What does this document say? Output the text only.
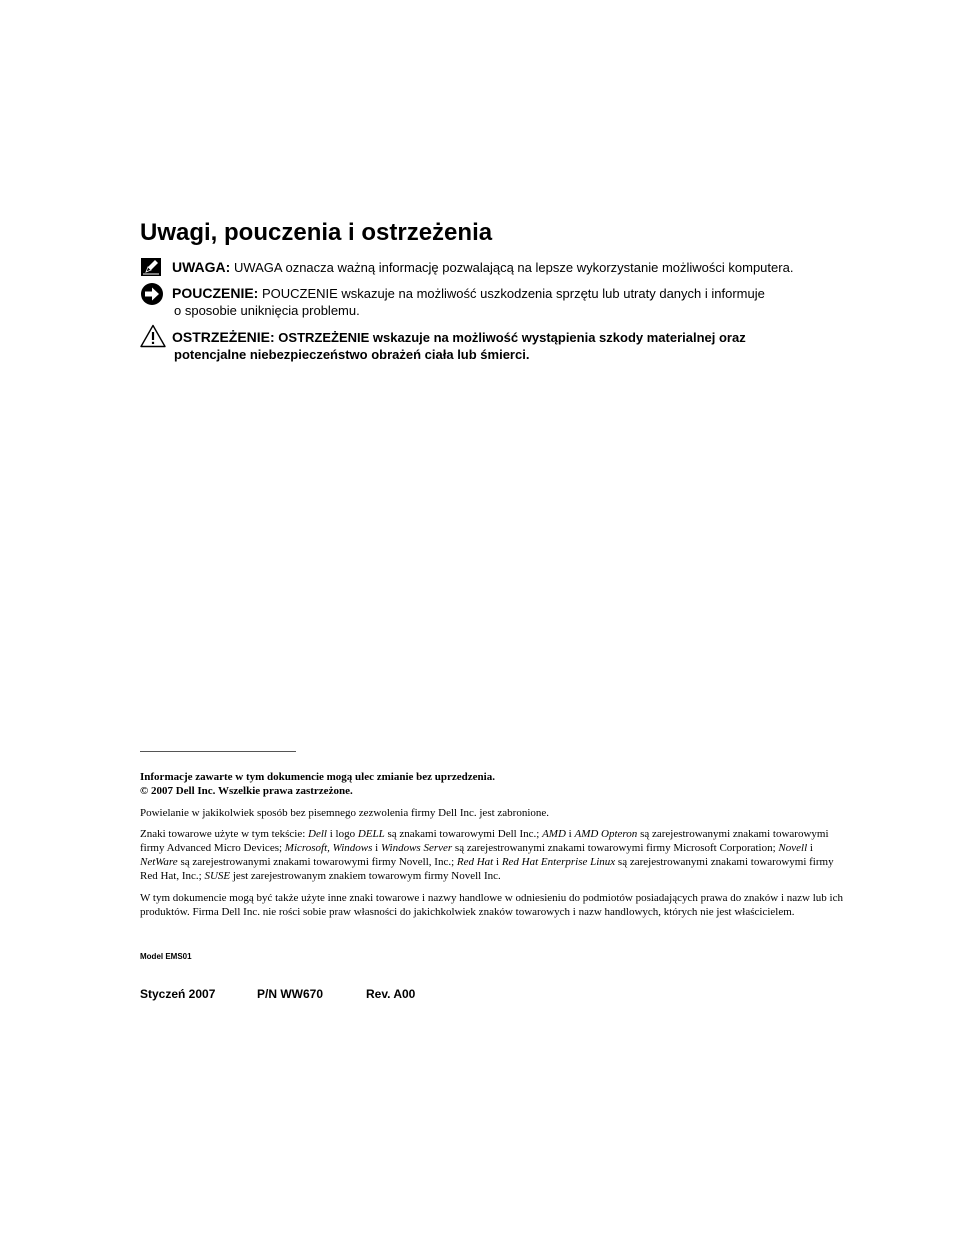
Uwagi, pouczenia i ostrzeżenia
UWAGA: UWAGA oznacza ważną informację pozwalającą na lepsze wykorzystanie możliwości komputera.
POUCZENIE: POUCZENIE wskazuje na możliwość uszkodzenia sprzętu lub utraty danych i informuje
o sposobie uniknięcia problemu.
OSTRZEŻENIE: OSTRZEŻENIE wskazuje na możliwość wystąpienia szkody materialnej oraz
potencjalne niebezpieczeństwo obrażeń ciała lub śmierci.

Informacje zawarte w tym dokumencie mogą ulec zmianie bez uprzedzenia.
© 2007 Dell Inc. Wszelkie prawa zastrzeżone.

Powielanie w jakikolwiek sposób bez pisemnego zezwolenia firmy Dell Inc. jest zabronione.

Znaki towarowe użyte w tym tekście: Dell i logo DELL są znakami towarowymi Dell Inc.; AMD i AMD Opteron są zarejestrowanymi znakami towarowymi firmy Advanced Micro Devices; Microsoft, Windows i Windows Server są zarejestrowanymi znakami towarowymi firmy Microsoft Corporation; Novell i NetWare są zarejestrowanymi znakami towarowymi firmy Novell, Inc.; Red Hat i Red Hat Enterprise Linux są zarejestrowanymi znakami towarowymi firmy Red Hat, Inc.; SUSE jest zarejestrowanym znakiem towarowym firmy Novell Inc.

W tym dokumencie mogą być także użyte inne znaki towarowe i nazwy handlowe w odniesieniu do podmiotów posiadających prawa do znaków i nazw lub ich produktów. Firma Dell Inc. nie rości sobie praw własności do jakichkolwiek znaków towarowych i nazw handlowych, których nie jest właścicielem.

Model EMS01
Styczeń 2007	P/N WW670	Rev. A00
